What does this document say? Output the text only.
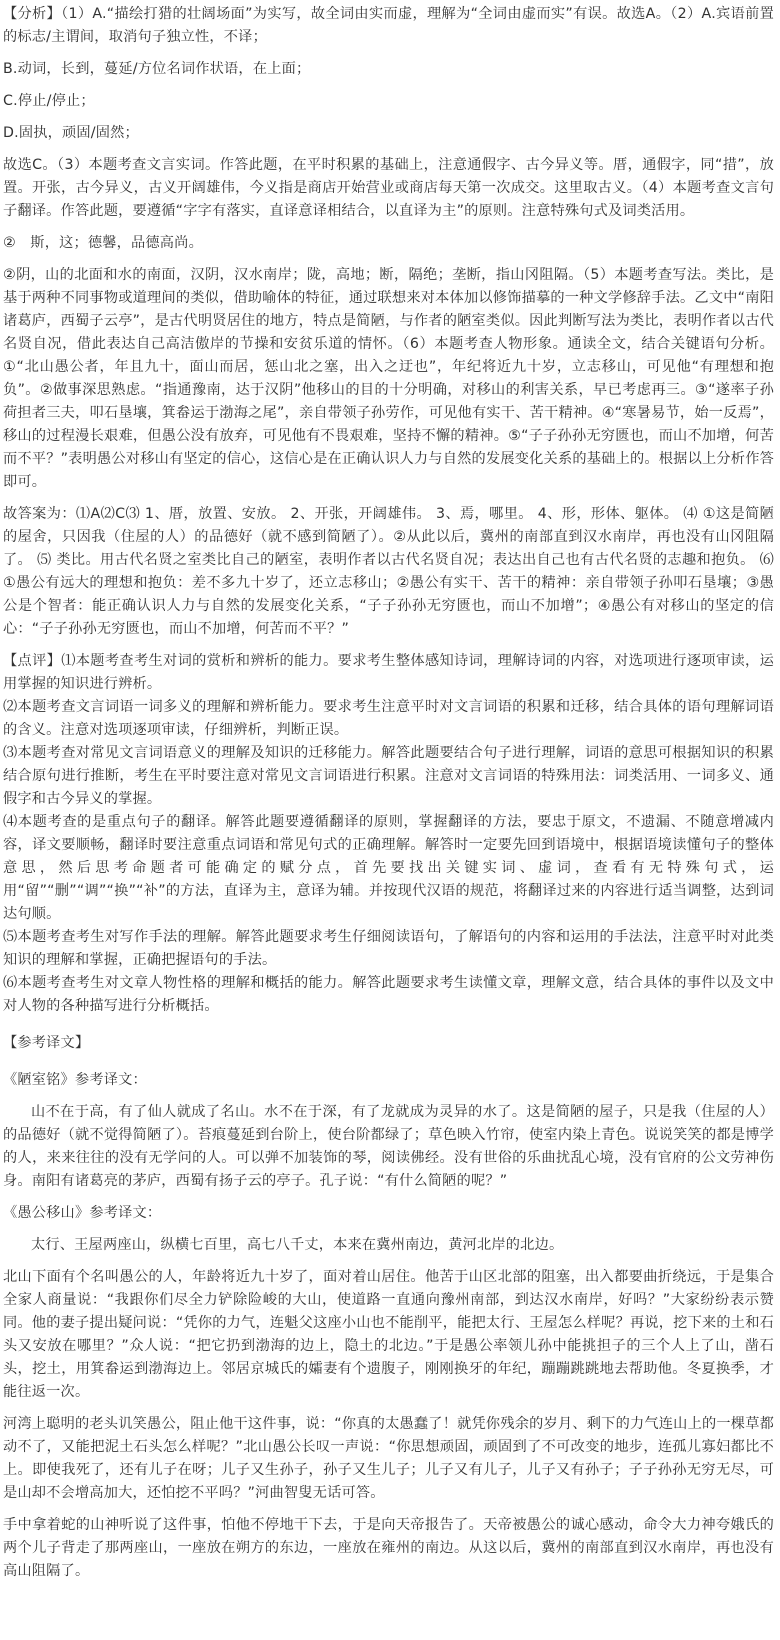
【分析】（1）A.“描绘打猎的壮阔场面”为实写，故全词由实而虚，理解为“全词由虚而实”有误。故选A。（2）A.宾语前置的标志/主谓间，取消句子独立性，不译；

B.动词，长到，蔓延/方位名词作状语，在上面；

C.停止/停止；

D.固执，顽固/固然；

故选C。（3）本题考查文言实词。作答此题，在平时积累的基础上，注意通假字、古今异义等。厝，通假字，同“措”，放置。开张，古今异义，古义开阔雄伟，今义指是商店开始营业或商店每天第一次成交。这里取古义。（4）本题考查文言句子翻译。作答此题，要遵循“字字有落实，直译意译相结合，以直译为主”的原则。注意特殊句式及词类活用。

②　斯，这；德馨，品德高尚。

②阴，山的北面和水的南面，汉阴，汉水南岸；陇，高地；断，隔绝；垄断，指山冈阻隔。（5）本题考查写法。类比，是基于两种不同事物或道理间的类似，借助喻体的特征，通过联想来对本体加以修饰描摹的一种文学修辞手法。乙文中“南阳诸葛庐，西蜀子云亭”，是古代明贤居住的地方，特点是简陋，与作者的陋室类似。因此判断写法为类比，表明作者以古代名贤自况，借此表达自己高洁傲岸的节操和安贫乐道的情怀。（6）本题考查人物形象。通读全文，结合关键语句分析。①“北山愚公者，年且九十，面山而居，惩山北之塞，出入之迂也”，年纪将近九十岁，立志移山，可见他“有理想和抱负”。②做事深思熟虑。“指通豫南，达于汉阴”他移山的目的十分明确，对移山的利害关系，早已考虑再三。③“遂率子孙荷担者三夫，叩石垦壤，箕畚运于渤海之尾”，亲自带领子孙劳作，可见他有实干、苦干精神。④“寒暑易节，始一反焉”，移山的过程漫长艰难，但愚公没有放弃，可见他有不畏艰难，坚持不懈的精神。⑤“子子孙孙无穷匮也，而山不加增，何苦而不平？”表明愚公对移山有坚定的信心，这信心是在正确认识人力与自然的发展变化关系的基础上的。根据以上分析作答即可。

故答案为：⑴A⑵C⑶ 1、厝，放置、安放。 2、开张，开阔雄伟。 3、焉，哪里。 4、形，形体、躯体。 ⑷ ①这是简陋的屋舍，只因我（住屋的人）的品德好（就不感到简陋了）。②从此以后，冀州的南部直到汉水南岸，再也没有山冈阻隔了。 ⑸ 类比。用古代名贤之室类比自己的陋室，表明作者以古代名贤自况；表达出自己也有古代名贤的志趣和抱负。 ⑹ ①愚公有远大的理想和抱负：差不多九十岁了，还立志移山；②愚公有实干、苦干的精神：亲自带领子孙叩石垦壤；③愚公是个智者：能正确认识人力与自然的发展变化关系，“子子孙孙无穷匮也，而山不加增”；④愚公有对移山的坚定的信心：“子子孙孙无穷匮也，而山不加增，何苦而不平？”

【点评】⑴本题考查考生对词的赏析和辨析的能力。要求考生整体感知诗词，理解诗词的内容，对选项进行逐项审读，运用掌握的知识进行辨析。

⑵本题考查文言词语一词多义的理解和辨析能力。要求考生注意平时对文言词语的积累和迁移，结合具体的语句理解词语的含义。注意对选项逐项审读，仔细辨析，判断正误。

⑶本题考查对常见文言词语意义的理解及知识的迁移能力。解答此题要结合句子进行理解，词语的意思可根据知识的积累结合原句进行推断，考生在平时要注意对常见文言词语进行积累。注意对文言词语的特殊用法：词类活用、一词多义、通假字和古今异义的掌握。

⑷本题考查的是重点句子的翻译。解答此题要遵循翻译的原则，掌握翻译的方法，要忠于原文，不遗漏、不随意增减内容，译文要顺畅，翻译时要注意重点词语和常见句式的正确理解。解答时一定要先回到语境中，根据语境读懂句子的整体意思，然后思考命题者可能确定的赋分点，首先要找出关键实词、虚词，查看有无特殊句式，运用“留”“删”“调”“换”“补”的方法，直译为主，意译为辅。并按现代汉语的规范，将翻译过来的内容进行适当调整，达到词达句顺。

⑸本题考查考生对写作手法的理解。解答此题要求考生仔细阅读语句，了解语句的内容和运用的手法法，注意平时对此类知识的理解和掌握，正确把握语句的手法。

⑹本题考查考生对文章人物性格的理解和概括的能力。解答此题要求考生读懂文章，理解文意，结合具体的事件以及文中对人物的各种描写进行分析概括。

【参考译文】

《陋室铭》参考译文：

山不在于高，有了仙人就成了名山。水不在于深，有了龙就成为灵异的水了。这是简陋的屋子，只是我（住屋的人）的品德好（就不觉得简陋了）。苔痕蔓延到台阶上，使台阶都绿了；草色映入竹帘，使室内染上青色。说说笑笑的都是博学的人，来来往往的没有无学问的人。可以弹不加装饰的琴，阅读佛经。没有世俗的乐曲扰乱心境，没有官府的公文劳神伤身。南阳有诸葛亮的茅庐，西蜀有扬子云的亭子。孔子说：“有什么简陋的呢？”

《愚公移山》参考译文：

太行、王屋两座山，纵横七百里，高七八千丈，本来在冀州南边，黄河北岸的北边。

北山下面有个名叫愚公的人，年龄将近九十岁了，面对着山居住。他苦于山区北部的阻塞，出入都要曲折绕远，于是集合全家人商量说：“我跟你们尽全力铲除险峻的大山，使道路一直通向豫州南部，到达汉水南岸，好吗？”大家纷纷表示赞同。他的妻子提出疑问说：“凭你的力气，连魁父这座小山也不能削平，能把太行、王屋怎么样呢？再说，挖下来的土和石头又安放在哪里？”众人说：“把它扔到渤海的边上，隐土的北边。”于是愚公率领儿孙中能挑担子的三个人上了山，凿石头，挖土，用箕畚运到渤海边上。邻居京城氏的孀妻有个遗腹子，刚刚换牙的年纪，蹦蹦跳跳地去帮助他。冬夏换季，才能往返一次。

河湾上聪明的老头讥笑愚公，阻止他干这件事，说：“你真的太愚蠢了！就凭你残余的岁月、剩下的力气连山上的一棵草都动不了，又能把泥土石头怎么样呢？”北山愚公长叹一声说：“你思想顽固，顽固到了不可改变的地步，连孤儿寡妇都比不上。即使我死了，还有儿子在呀；儿子又生孙子，孙子又生儿子；儿子又有儿子，儿子又有孙子；子子孙孙无穷无尽，可是山却不会增高加大，还怕挖不平吗？”河曲智叟无话可答。

手中拿着蛇的山神听说了这件事，怕他不停地干下去，于是向天帝报告了。天帝被愚公的诚心感动，命令大力神夸娥氏的两个儿子背走了那两座山，一座放在朔方的东边，一座放在雍州的南边。从这以后，冀州的南部直到汉水南岸，再也没有高山阻隔了。
